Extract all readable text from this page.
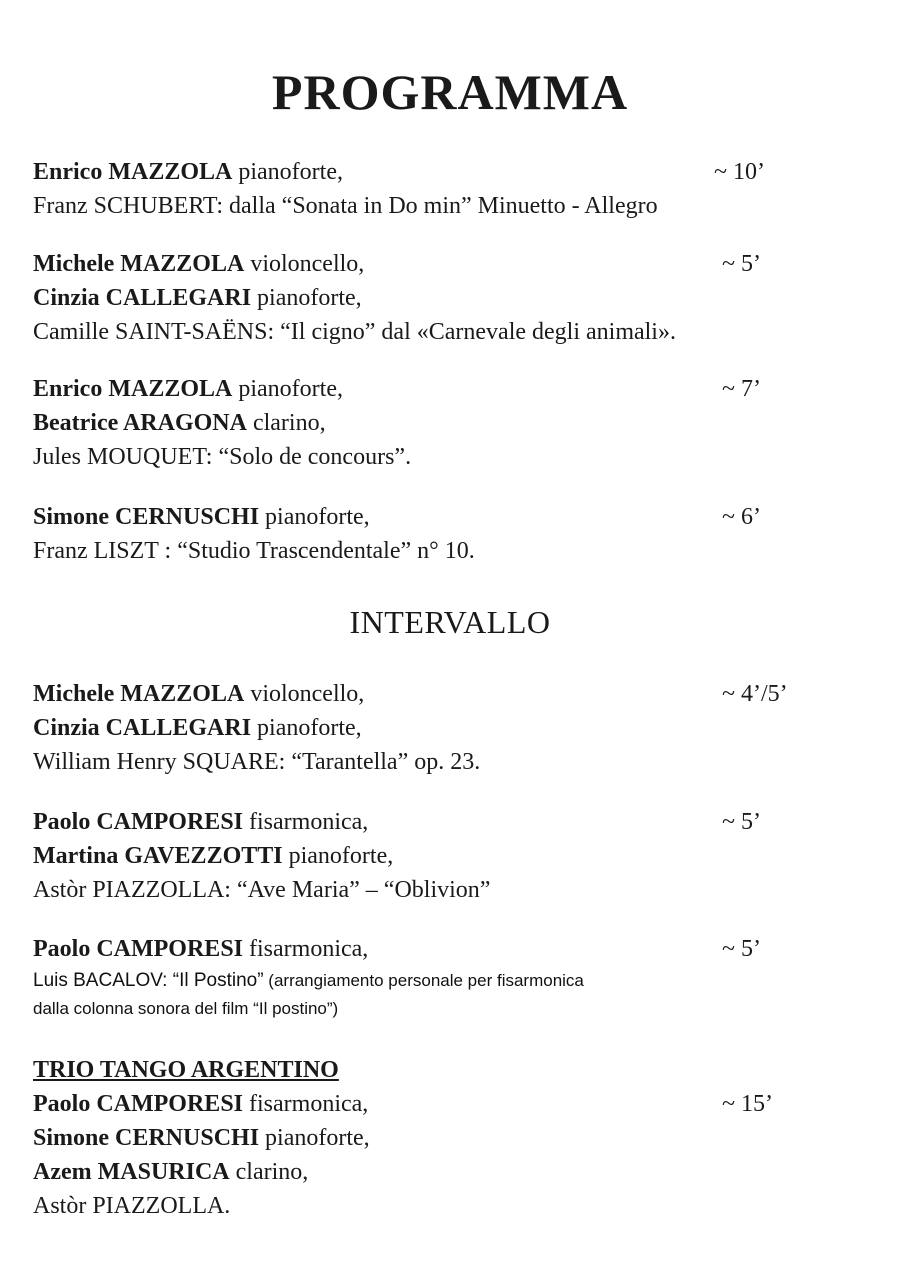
PROGRAMMA
Enrico MAZZOLA pianoforte,	~ 10’
Franz SCHUBERT: dalla “Sonata in Do min” Minuetto - Allegro
Michele MAZZOLA violoncello,	~ 5’
Cinzia CALLEGARI pianoforte,
Camille SAINT-SAËNS: “Il cigno” dal «Carnevale degli animali».
Enrico MAZZOLA pianoforte,	~ 7’
Beatrice ARAGONA clarino,
Jules MOUQUET: “Solo de concours”.
Simone CERNUSCHI pianoforte,	~ 6’
Franz LISZT : “Studio Trascendentale” n° 10.
INTERVALLO
Michele MAZZOLA violoncello,	~ 4’/5’
Cinzia CALLEGARI pianoforte,
William Henry SQUARE: “Tarantella” op. 23.
Paolo CAMPORESI fisarmonica,	~ 5’
Martina GAVEZZOTTI pianoforte,
Astòr PIAZZOLLA: “Ave Maria” – “Oblivion”
Paolo CAMPORESI fisarmonica,	~ 5’
Luis BACALOV: “Il Postino” (arrangiamento personale per fisarmonica
dalla colonna sonora del film “Il postino”)
TRIO TANGO ARGENTINO
Paolo CAMPORESI fisarmonica,	~ 15’
Simone CERNUSCHI pianoforte,
Azem MASURICA clarino,
Astòr PIAZZOLLA.
